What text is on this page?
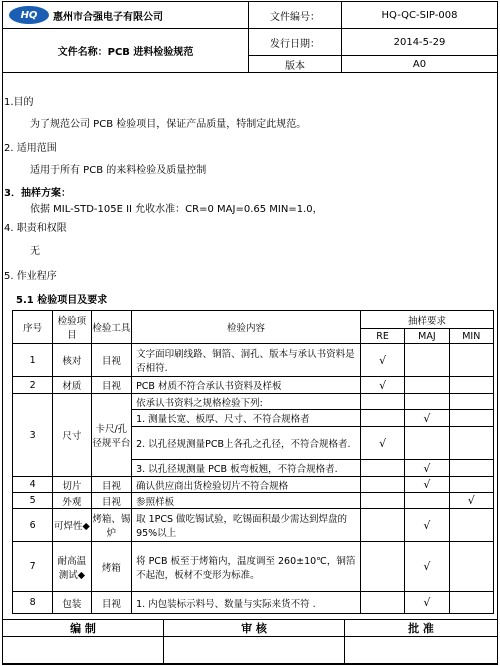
HQ 惠州市合强电子有限公司	文件编号：	HQ-QC-SIP-008
文件名称：PCB 进料检验规范	发行日期：	2014-5-29
	版本	A0
1.目的
为了规范公司 PCB 检验项目，保证产品质量，特制定此规范。
2. 适用范围
适用于所有 PCB 的来料检验及质量控制
3．抽样方案：
依据 MIL-STD-105E II 允收水准：CR=0 MAJ=0.65 MIN=1.0，
4. 职责和权限
无
5. 作业程序
5.1 检验项目及要求
序号	检验项目	检验工具	检验内容	抽样要求		
				RE	MAJ	MIN
1	核对	目视	文字面印刷线路、铜箔、洞孔、版本与承认书资料是否相符.	√		
2	材质	目视	PCB 材质不符合承认书资料及样板	√		
3	尺寸	卡尺/孔径规平台	依承认书资料之规格检验下列:			
			1. 测量长宽、板厚、尺寸、不符合规格者		√	
			2. 以孔径规测量PCB上各孔之孔径，不符合规格者.	√		
			3. 以孔径规测量 PCB 板弯板翘，不符合规格者.		√	
4	切片	目视	确认供应商出货检验切片不符合规格		√	
5	外观	目视	参照样板			√
6	可焊性◆	烤箱、锡炉	取 1PCS 做吃锡试验，吃锡面积最少需达到焊盘的 95%以上		√	
7	耐高温测试◆	烤箱	将 PCB 板至于烤箱内，温度调至 260±10℃，铜箔不起泡，板材不变形为标准。		√	
8	包装	目视	1. 内包装标示料号、数量与实际来货不符 .		√	
编 制	审 核	批 准
